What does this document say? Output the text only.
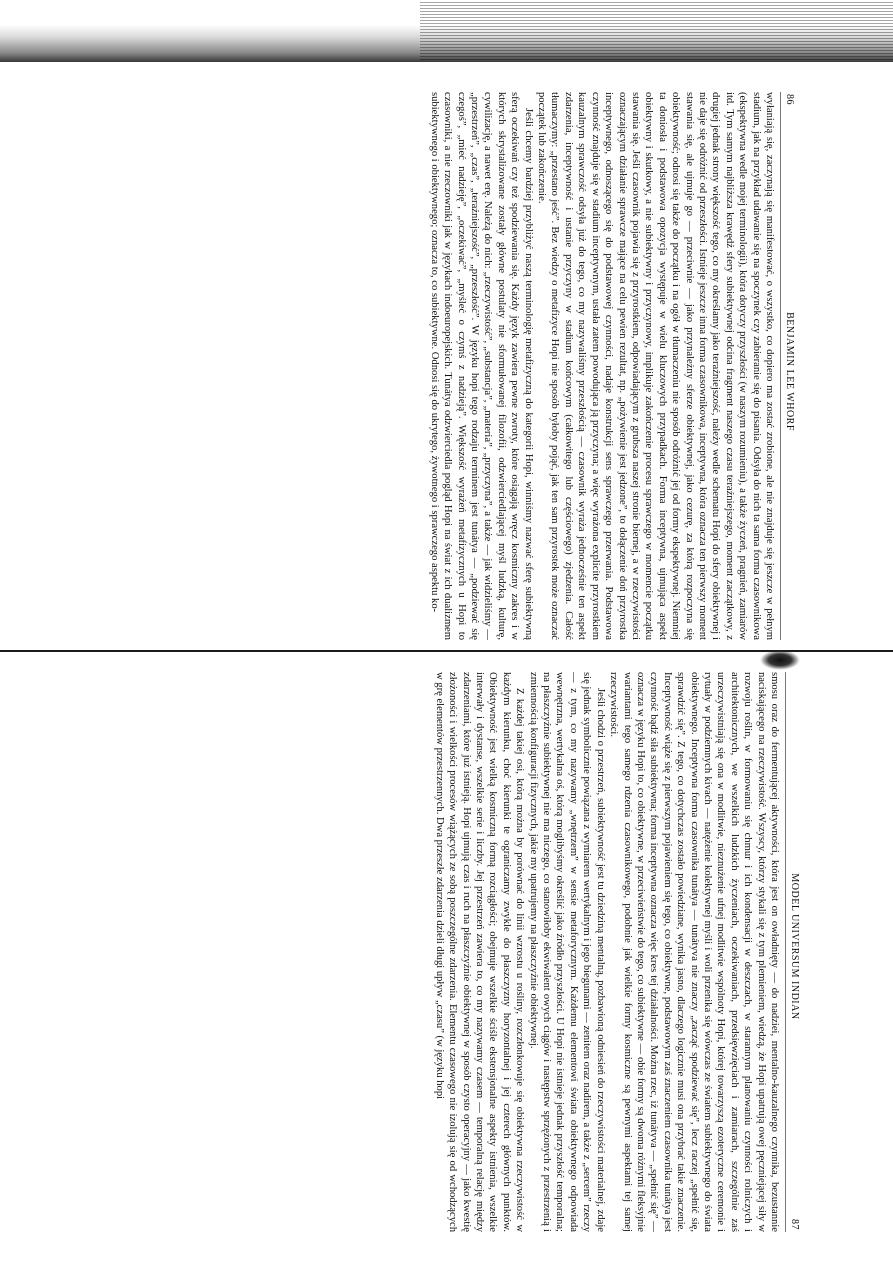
86
BENJAMIN LEE WHORF

wyłaniają się, zaczynają się manifestować, o wszystko, co dopiero ma zostać zrobione, ale nie znajduje się jeszcze w pełnym stadium, jak na przykład udawanie się na spoczynek czy zabieranie się do pisania. Odsyła do nich ta sama forma czasownikowa (ekspektywna wedle mojej terminologii), która dotyczy przyszłości (w naszym rozumieniu), a także życzeń, pragnień, zamiarów itd. Tym samym najbliższa krawędź sfery subiektywnej odcina fragment naszego czasu teraźniejszego, moment zaczątkowy, z drugiej jednak strony większość tego, co my określamy jako teraźniejszość, należy wedle schematu Hopi do sfery obiektywnej i nie daje się odróżnić od przeszłości. Istnieje jeszcze inna forma czasownikowa, inceptywna, która oznacza ten pierwszy moment stawania się, ale ujmuje go — przeciwnie — jako przynależny sferze obiektywnej, jako cezurę, za którą rozpoczyna się obiektywność; odnosi się także do początku i na ogół w tłumaczeniu nie sposób odróżnić jej od formy ekspektywnej. Niemniej ta doniosła i podstawowa opozycja występuje w wielu kluczowych przypadkach. Forma inceptywna, ujmująca aspekt obiektywny i skutkowy, a nie subiektywny i przyczynowy, implikuje zakończenie procesu sprawczego w momencie początku stawania się. Jeśli czasownik pojawia się z przyrostkiem, odpowiadającym z grubsza naszej stronie biernej, a w rzeczywistości oznaczającym działanie sprawcze mające na celu pewien rezultat, np. „pożywienie jest jedzone”, to dołączenie doń przyrostka inceptywnego, odnoszącego się do podstawowej czynności, nadaje konstrukcji sens sprawczego przerwania. Podstawowa czynność znajduje się w stadium inceptywnym, ustała zatem powodująca ją przyczyna; a więc wyrażona explicite przyrostkiem kauzalnym sprawczość odsyła już do tego, co my nazywaliśmy przeszłością — czasownik wyraża jednocześnie ten aspekt zdarzenia, inceptywność i ustanie przyczyny w stadium końcowym (całkowitego lub częściowego) zjedzenia. Całość tłumaczymy: „przestano jeść”. Bez wiedzy o metafizyce Hopi nie sposób byłoby pojąć, jak ten sam przyrostek może oznaczać początek lub zakończenie.

Jeśli chcemy bardziej przybliżyć naszą terminologię metafizyczną do kategorii Hopi, winniśmy nazwać sferę subiektywną sferą oczekiwań czy też spodziewania się. Każdy język zawiera pewne zwroty, które osiągają wręcz kosmiczny zakres i w których skrystalizowane zostały główne postulaty nie sformułowanej filozofii, odzwierciedlającej myśl ludzką, kulturę, cywilizację, a nawet erę. Należą do nich: „rzeczywistość”, „substancja”, „materia”, „przyczyna”, a także — jak widzieliśmy — „przestrzeń”, „czas”, „teraźniejszość”, „przeszłość”. W języku hopi tego rodzaju terminem jest tunátya — „podziewać się czegoś”, „mieć nadzieję”, „oczekiwać”, „myśleć o czymś z nadzieją”. Większość wyrażeń metafizycznych u Hopi to czasowniki, a nie rzeczowniki jak w językach indoeuropejskich. Tunátya odzwierciedla pogląd Hopi na świat z ich dualizmem subiektywnego i obiektywnego; oznacza to, co subiektywne. Odnosi się do ukrytego, żywotnego i sprawczego aspektu ko-

MODEL UNIVERSUM INDIAN
87

smosu oraz do fermentującej aktywności, która jest on owładnięty — do nadziei, mentalno-kauzalnego czynnika, bezustannie naciskającego na rzeczywistość. Wszyscy, którzy stykali się z tym plemieniem, wiedzą, że Hopi upatrują owej pęczniejącej siły w rozwoju roślin, w formowaniu się chmur i ich kondensacji w deszczach, w starannym planowaniu czynności rolniczych i architektonicznych, we wszelkich ludzkich życzeniach, oczekiwaniach, przedsięwzięciach i zamiarach, szczególnie zaś urzeczywistniają się ona w modlitwie, nieznużenie ufnej modlitwie wspólnoty Hopi, której towarzyszą ezoteryczne ceremonie i rytuały w podziemnych kivach — natężenie kolektywnej myśli i woli przenika się wówczas ze światem subiektywnego do świata obiektywnego. Inceptywna forma czasownika tunátya — tunátyva nie znaczy „zacząć spodziewać się”, lecz raczej „spełnić się, sprawdzić się”. Z tego, co dotychczas zostało powiedziane, wynika jasno, dlaczego logicznie musi ona przybrać takie znaczenie. Inceptywność wiąże się z pierwszym pojawieniem się tego, co obiektywne, podstawowym zaś znaczeniem czasownika tunátya jest czynność bądź siła subiektywna; forma inceptywna oznacza więc kres tej działalności. Można rzec, iż tunátyva — „spełnić się” — oznacza w języku Hopi to, co obiektywne, w przeciwieństwie do tego, co subiektywne — obie formy są dwoma różnymi fleksyjnie wariantami tego samego rdzenia czasownikowego, podobnie jak wielkie formy kosmiczne są pewnymi aspektami tej samej rzeczywistości.

Jeśli chodzi o przestrzeń, subiektywność jest tu dziedziną mentalną, pozbawioną odniesień do rzeczywistości materialnej, zdaje się jednak symbolicznie powiązana z wymiarem wertykalnym i jego biegunami — zenitem oraz nadirem, a także z „sercem” rzeczy — z tym, co my nazywamy „wnętrzem” w sensie metaforycznym. Każdemu elementowi świata obiektywnego odpowiada wewnętrzna, wertykalna oś, którą moglibyśmy określić jako źródło przyszłości. U Hopi nie istnieje jednak przyszłość temporalna; na płaszczyźnie subiektywnej nie ma niczego, co stanowiłoby ekwiwalent owych ciągów i następstw sprzężonych z przestrzenią i zmiennością konfiguracji fizycznych, jakie my upatrujemy na płaszczyźnie obiektywnej.

Z każdej takiej osi, którą można by porównać do linii wzrostu u rośliny, rozczłonkowuje się obiektywna rzeczywistość w każdym kierunku, choć kierunki te ograniczamy zwykle do płaszczyzny horyzontalnej i jej czterech głównych punktów. Obiektywność jest wielką kosmiczną formą rozciągłości; obejmuje wszelkie ściśle ekstensjonalne aspekty istnienia, wszelkie interwały i dystanse, wszelkie serie i liczby. Jej przestrzeń zawiera to, co my nazywamy czasem — temporalną relację między zdarzeniami, które już istnieją. Hopi ujmują czas i ruch na płaszczyźnie obiektywnej w sposób czysto operacyjny — jako kwestię złożoności i wielkości procesów wiążących ze sobą poszczególne zdarzenia. Elementu czasowego nie izolują się od wchodzących w grę elementów przestrzennych. Dwa przeszłe zdarzenia dzieli długi upływ „czasu” (w języku hopi
